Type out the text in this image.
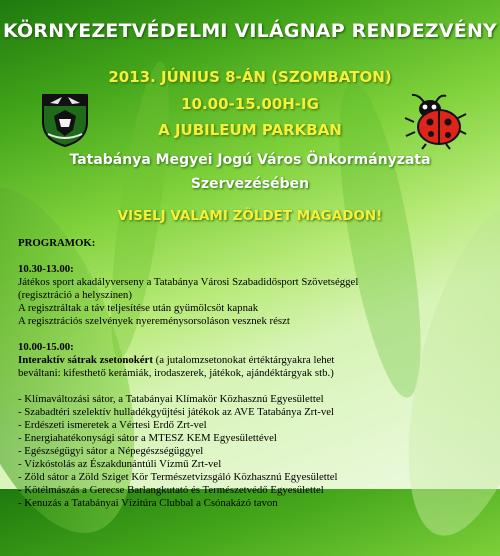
KÖRNYEZETVÉDELMI VILÁGNAP RENDEZVÉNY
2013. JÚNIUS 8-ÁN (SZOMBATON)
10.00-15.00H-IG
A JUBILEUM PARKBAN
Tatabánya Megyei Jogú Város Önkormányzata
Szervezésében
VISELJ VALAMI ZÖLDET MAGADON!

PROGRAMOK:

10.30-13.00:

Játékos sport akadályverseny a Tatabánya Városi Szabadidősport Szövetséggel

(regisztráció a helyszínen)

A regisztráltak a táv teljesítése után gyümölcsöt kapnak

A regisztrációs szelvények nyereménysorsoláson vesznek részt

10.00-15.00:

Interaktív sátrak zsetonokért (a jutalomzsetonokat értéktárgyakra lehet

beváltani: kifesthető kerámiák, irodaszerek, játékok, ajándéktárgyak stb.)

- Klímaváltozási sátor, a Tatabányai Klímakör Közhasznú Egyesülettel

- Szabadtéri szelektív hulladékgyűjtési játékok az AVE Tatabánya Zrt-vel

- Erdészeti ismeretek a Vértesi Erdő Zrt-vel

- Energiahatékonysági sátor a MTESZ KEM Egyesülettével

- Egészségügyi sátor a Népegészségüggyel

- Vízkóstolás az Északdunántúli Vízmű Zrt-vel

- Zöld sátor a Zöld Sziget Kör Természetvizsgáló Közhasznú Egyesülettel

- Kötélmászás a Gerecse Barlangkutató és Természetvédő Egyesülettel

- Kenuzás a Tatabányai Vízitúra Clubbal a Csónakázó tavon
